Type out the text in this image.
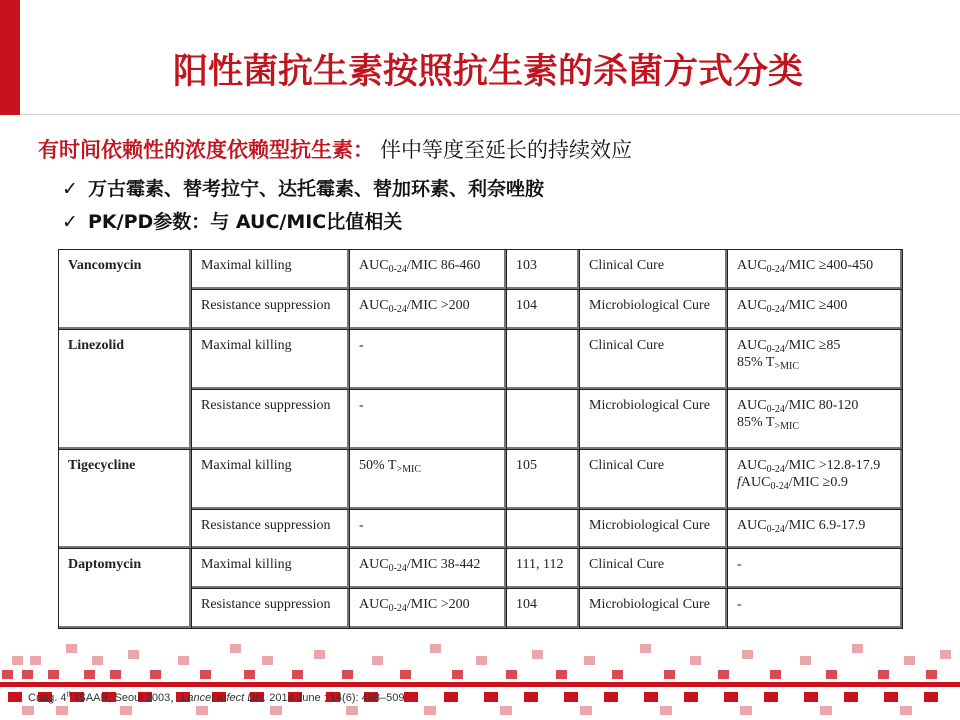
阳性菌抗生素按照抗生素的杀菌方式分类
有时间依赖性的浓度依赖型抗生素： 伴中等度至延长的持续效应
✓ 万古霉素、替考拉宁、达托霉素、替加环素、利奈唑胺
✓ PK/PD参数：与 AUC/MIC比值相关
Vancomycin	Maximal killing	$AUC_{0-24}$/MIC 86-460	103	Clinical Cure	$AUC_{0-24}$/MIC ≥400-450
	Resistance suppression	$AUC_{0-24}$/MIC >200	104	Microbiological Cure	$AUC_{0-24}$/MIC ≥400
Linezolid	Maximal killing	-		Clinical Cure	$AUC_{0-24}$/MIC ≥85
85% $T_{>MIC}$
	Resistance suppression	-		Microbiological Cure	$AUC_{0-24}$/MIC 80-120
85% $T_{>MIC}$
Tigecycline	Maximal killing	50% $T_{>MIC}$	105	Clinical Cure	$AUC_{0-24}$/MIC >12.8-17.9
fAUC$_{0-24}$/MIC ≥0.9
	Resistance suppression	-		Microbiological Cure	$AUC_{0-24}$/MIC 6.9-17.9
Daptomycin	Maximal killing	$AUC_{0-24}$/MIC 38-442	111, 112	Clinical Cure	-
	Resistance suppression	$AUC_{0-24}$/MIC >200	104	Microbiological Cure	-
Craig. 4th ISAAR, Seoul 2003，Lancet Infect Dis. 2014 June ; 14(6): 498–509
